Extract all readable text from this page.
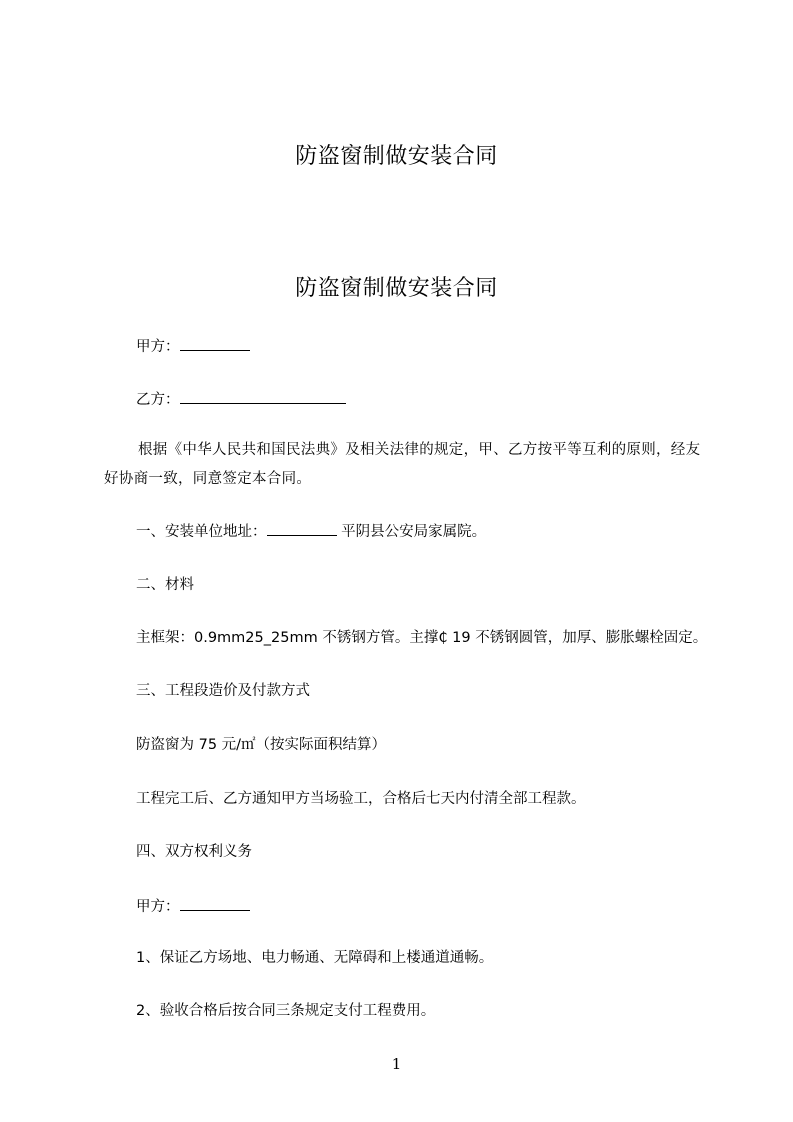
防盗窗制做安装合同
防盗窗制做安装合同
甲方：
乙方：
根据《中华人民共和国民法典》及相关法律的规定，甲、乙方按平等互利的原则，经友好协商一致，同意签定本合同。
一、安装单位地址：	平阴县公安局家属院。
二、材料
主框架：0.9mm25_25mm 不锈钢方管。主撑₵ 19 不锈钢圆管，加厚、膨胀螺栓固定。
三、工程段造价及付款方式
防盗窗为 75 元/㎡（按实际面积结算）
工程完工后、乙方通知甲方当场验工，合格后七天内付清全部工程款。
四、双方权利义务
甲方：
1、保证乙方场地、电力畅通、无障碍和上楼通道通畅。
2、验收合格后按合同三条规定支付工程费用。
1
